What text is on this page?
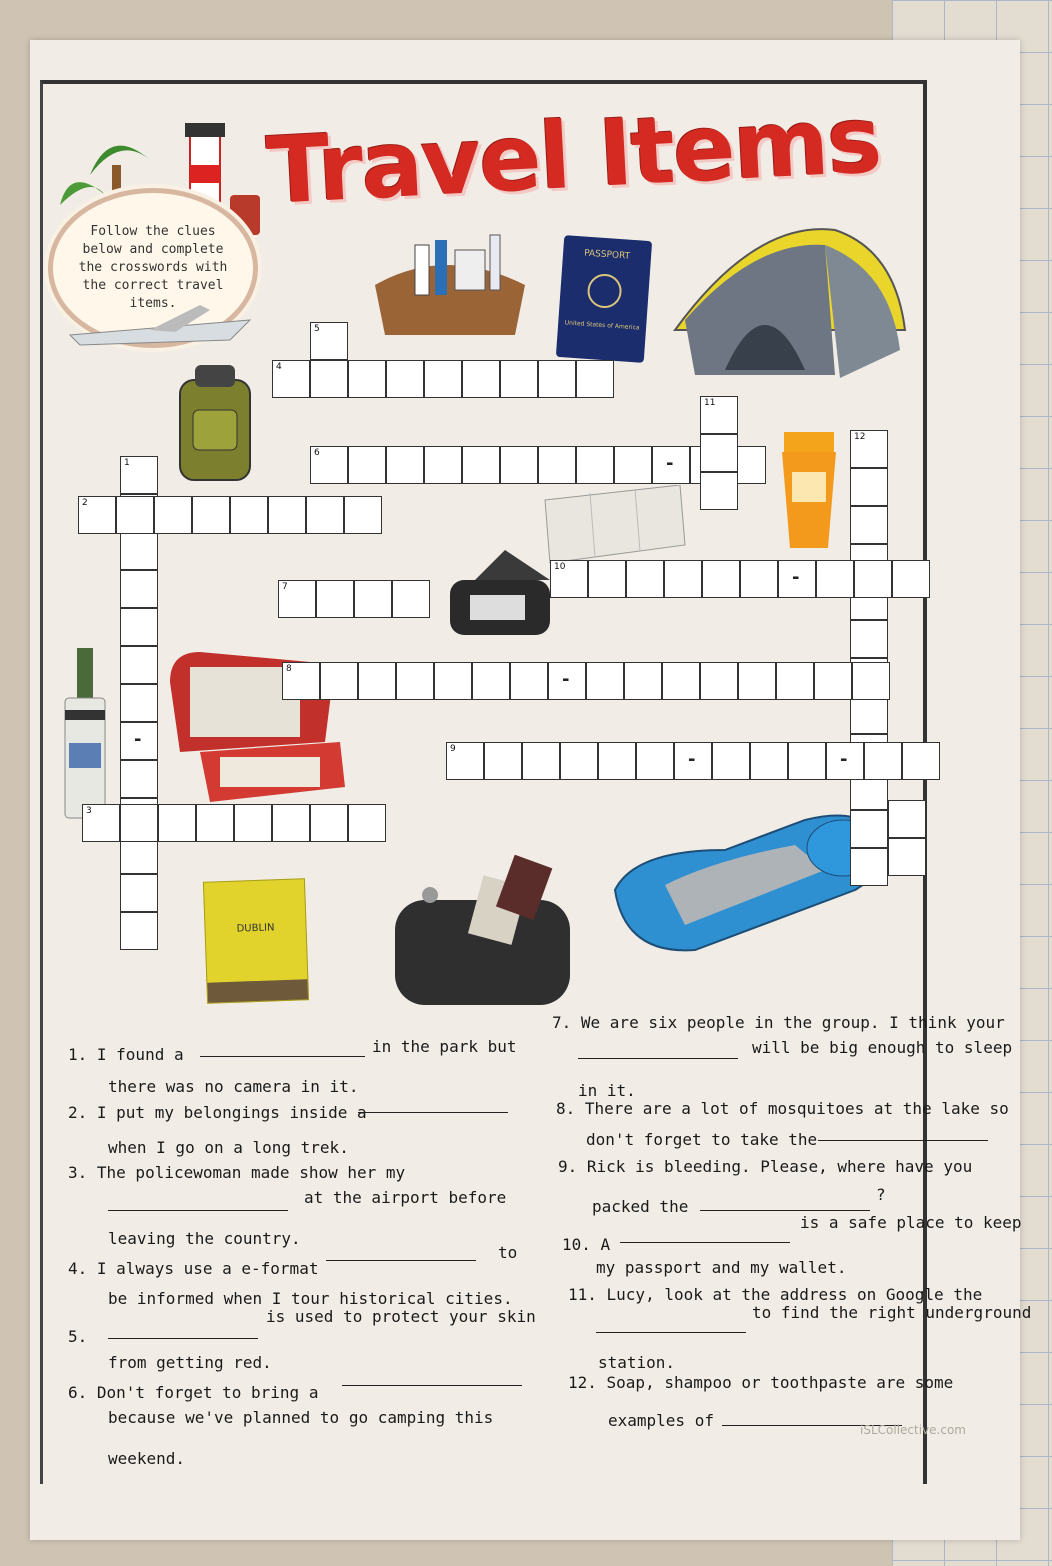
Follow the clues below and complete the crosswords with the correct travel items.
Travel Items
PASSPORT
United States of America
DUBLIN
4
5
6	-
11
12
1
-
2
10	-
7
8	-
9	-	-
3
1. I found a	in the park but
there was no camera in it.
2. I put my belongings inside a
when I go on a long trek.
3. The policewoman made show her my
at the airport before
leaving the country.
4. I always use a e-format
to
be informed when I tour historical cities.
5.
is used to protect your skin
from getting red.
6. Don't forget to bring a
because we've planned to go camping this
weekend.
7. We are six people in the group. I think your
will be big enough to sleep
in it.
8. There are a lot of mosquitoes at the lake so
don't forget to take the
9. Rick is bleeding. Please, where have you
packed the
?
10. A
is a safe place to keep
my passport and my wallet.
11. Lucy, look at the address on Google the
to find the right underground
station.
12. Soap, shampoo or toothpaste are some
examples of	iSLCollective.com
